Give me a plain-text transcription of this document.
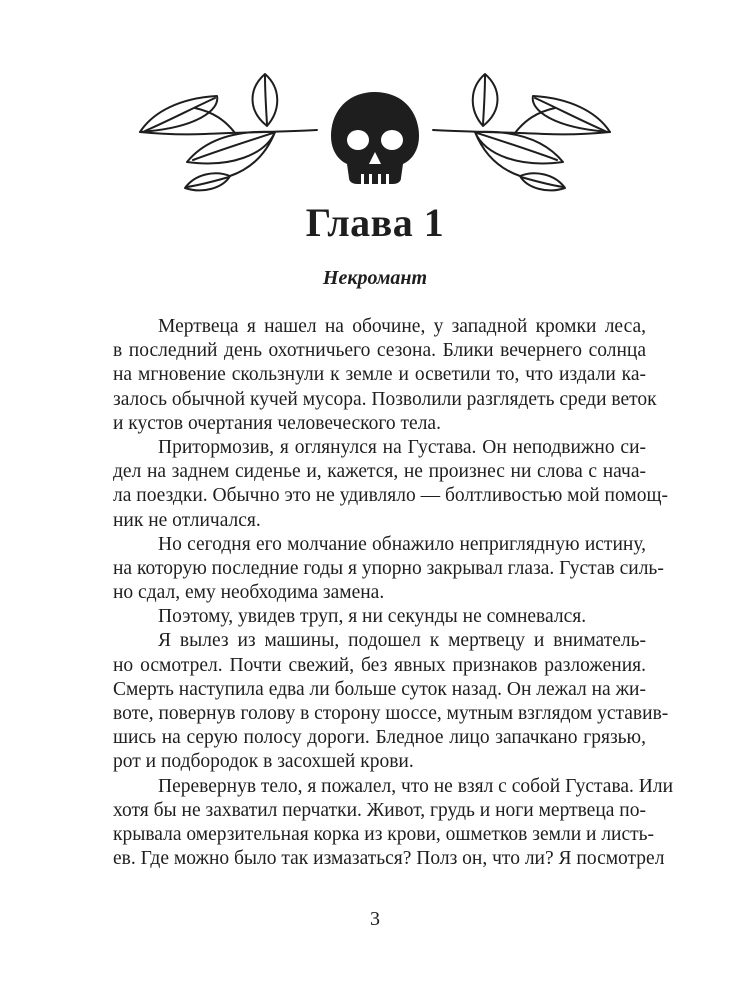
Глава 1
Некромант
Мертвеца я нашел на обочине, у западной кромки леса,
в последний день охотничьего сезона. Блики вечернего солнца
на мгновение скользнули к земле и осветили то, что издали ка-
залось обычной кучей мусора. Позволили разглядеть среди веток
и кустов очертания человеческого тела.
Притормозив, я оглянулся на Густава. Он неподвижно си-
дел на заднем сиденье и, кажется, не произнес ни слова с нача-
ла поездки. Обычно это не удивляло — болтливостью мой помощ-
ник не отличался.
Но сегодня его молчание обнажило неприглядную истину,
на которую последние годы я упорно закрывал глаза. Густав силь-
но сдал, ему необходима замена.
Поэтому, увидев труп, я ни секунды не сомневался.
Я вылез из машины, подошел к мертвецу и вниматель-
но осмотрел. Почти свежий, без явных признаков разложения.
Смерть наступила едва ли больше суток назад. Он лежал на жи-
воте, повернув голову в сторону шоссе, мутным взглядом уставив-
шись на серую полосу дороги. Бледное лицо запачкано грязью,
рот и подбородок в засохшей крови.
Перевернув тело, я пожалел, что не взял с собой Густава. Или
хотя бы не захватил перчатки. Живот, грудь и ноги мертвеца по-
крывала омерзительная корка из крови, ошметков земли и листь-
ев. Где можно было так измазаться? Полз он, что ли? Я посмотрел
3
